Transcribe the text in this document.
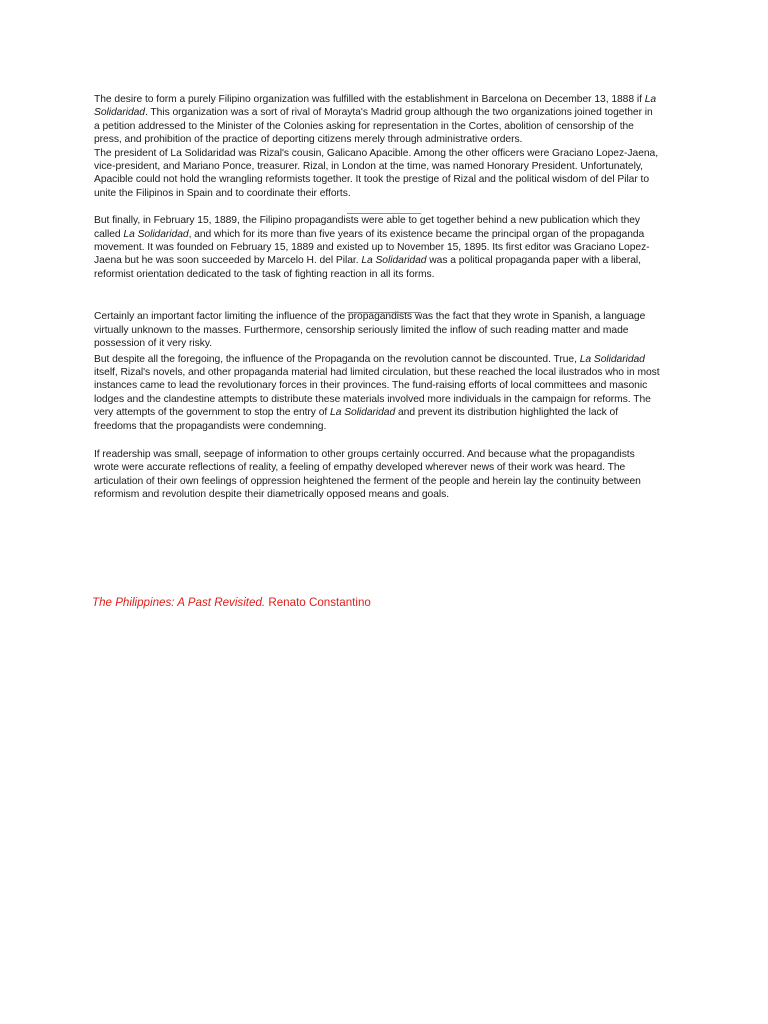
The desire to form a purely Filipino organization was fulfilled with the establishment in Barcelona on December 13, 1888 if La Solidaridad. This organization was a sort of rival of Morayta's Madrid group although the two organizations joined together in a petition addressed to the Minister of the Colonies asking for representation in the Cortes, abolition of censorship of the press, and prohibition of the practice of deporting citizens merely through administrative orders.

The president of La Solidaridad was Rizal's cousin, Galicano Apacible. Among the other officers were Graciano Lopez-Jaena, vice-president, and Mariano Ponce, treasurer. Rizal, in London at the time, was named Honorary President. Unfortunately, Apacible could not hold the wrangling reformists together. It took the prestige of Rizal and the political wisdom of del Pilar to unite the Filipinos in Spain and to coordinate their efforts.

But finally, in February 15, 1889, the Filipino propagandists were able to get together behind a new publication which they called La Solidaridad, and which for its more than five years of its existence became the principal organ of the propaganda movement. It was founded on February 15, 1889 and existed up to November 15, 1895. Its first editor was Graciano Lopez-Jaena but he was soon succeeded by Marcelo H. del Pilar. La Solidaridad was a political propaganda paper with a liberal, reformist orientation dedicated to the task of fighting reaction in all its forms.

Certainly an important factor limiting the influence of the propagandists was the fact that they wrote in Spanish, a language virtually unknown to the masses. Furthermore, censorship seriously limited the inflow of such reading matter and made possession of it very risky.

But despite all the foregoing, the influence of the Propaganda on the revolution cannot be discounted. True, La Solidaridad itself, Rizal's novels, and other propaganda material had limited circulation, but these reached the local ilustrados who in most instances came to lead the revolutionary forces in their provinces. The fund-raising efforts of local committees and masonic lodges and the clandestine attempts to distribute these materials involved more individuals in the campaign for reforms. The very attempts of the government to stop the entry of La Solidaridad and prevent its distribution highlighted the lack of freedoms that the propagandists were condemning.

If readership was small, seepage of information to other groups certainly occurred. And because what the propagandists wrote were accurate reflections of reality, a feeling of empathy developed wherever news of their work was heard. The articulation of their own feelings of oppression heightened the ferment of the people and herein lay the continuity between reformism and revolution despite their diametrically opposed means and goals.

The Philippines: A Past Revisited. Renato Constantino
